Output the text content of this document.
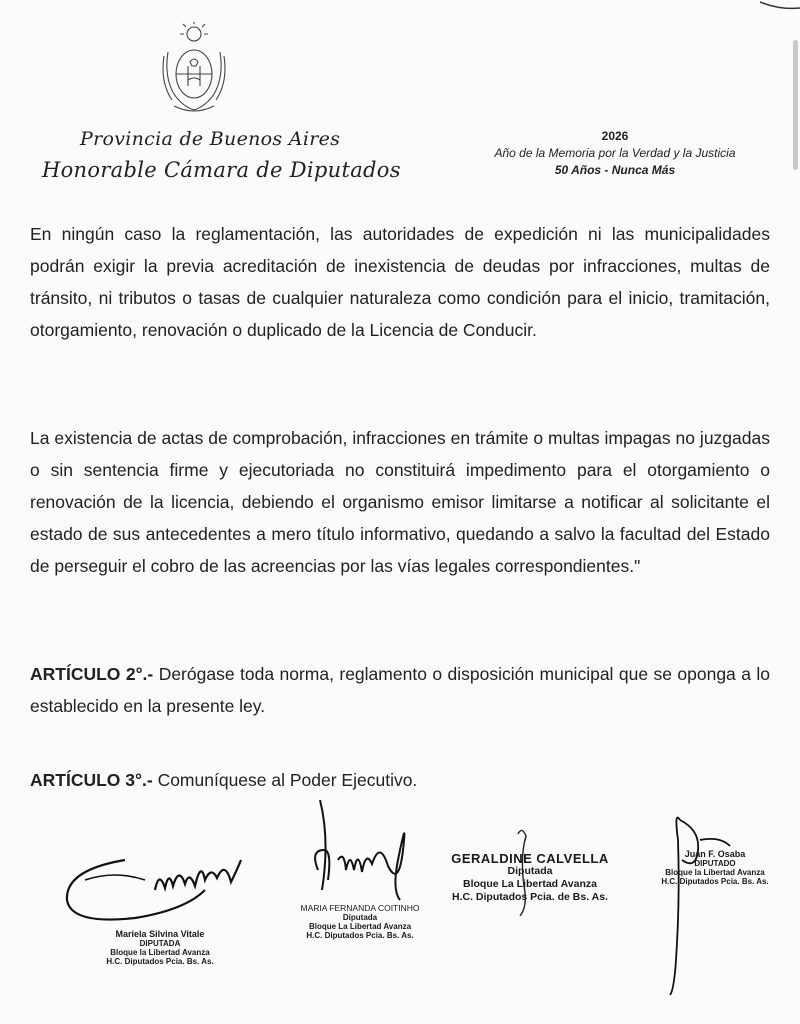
Provincia de Buenos Aires
Honorable Cámara de Diputados
2026
Año de la Memoria por la Verdad y la Justicia
50 Años - Nunca Más
En ningún caso la reglamentación, las autoridades de expedición ni las municipalidades podrán exigir la previa acreditación de inexistencia de deudas por infracciones, multas de tránsito, ni tributos o tasas de cualquier naturaleza como condición para el inicio, tramitación, otorgamiento, renovación o duplicado de la Licencia de Conducir.
La existencia de actas de comprobación, infracciones en trámite o multas impagas no juzgadas o sin sentencia firme y ejecutoriada no constituirá impedimento para el otorgamiento o renovación de la licencia, debiendo el organismo emisor limitarse a notificar al solicitante el estado de sus antecedentes a mero título informativo, quedando a salvo la facultad del Estado de perseguir el cobro de las acreencias por las vías legales correspondientes."
ARTÍCULO 2°.- Derógase toda norma, reglamento o disposición municipal que se oponga a lo establecido en la presente ley.
ARTÍCULO 3°.- Comuníquese al Poder Ejecutivo.
Mariela Silvina Vitale
DIPUTADA
Bloque la Libertad Avanza
H.C. Diputados Pcia. Bs. As.
MARIA FERNANDA COITINHO
Diputada
Bloque La Libertad Avanza
H.C. Diputados Pcia. Bs. As.
GERALDINE CALVELLA
Diputada
Bloque La Libertad Avanza
H.C. Diputados Pcia. de Bs. As.
Juan F. Osaba
DIPUTADO
Bloque la Libertad Avanza
H.C. Diputados Pcia. Bs. As.
